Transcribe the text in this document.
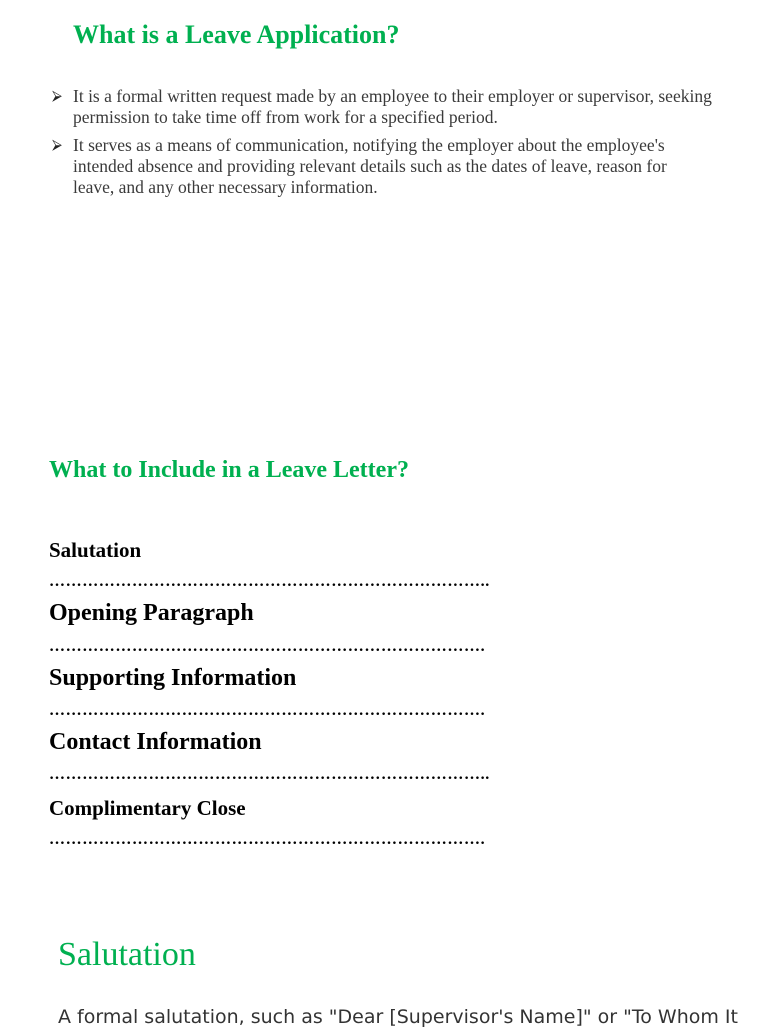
What is a Leave Application?
⮚ It is a formal written request made by an employee to their employer or supervisor, seeking permission to take time off from work for a specified period.
⮚ It serves as a means of communication, notifying the employer about the employee's intended absence and providing relevant details such as the dates of leave, reason for leave, and any other necessary information.
What to Include in a Leave Letter?
Salutation
……………………………………………………………………..
Opening Paragraph
…………………………………………………………………….
Supporting Information
…………………………………………………………………….
Contact Information
……………………………………………………………………..
Complimentary Close
…………………………………………………………………….
Salutation
A formal salutation, such as "Dear [Supervisor's Name]" or "To Whom It
